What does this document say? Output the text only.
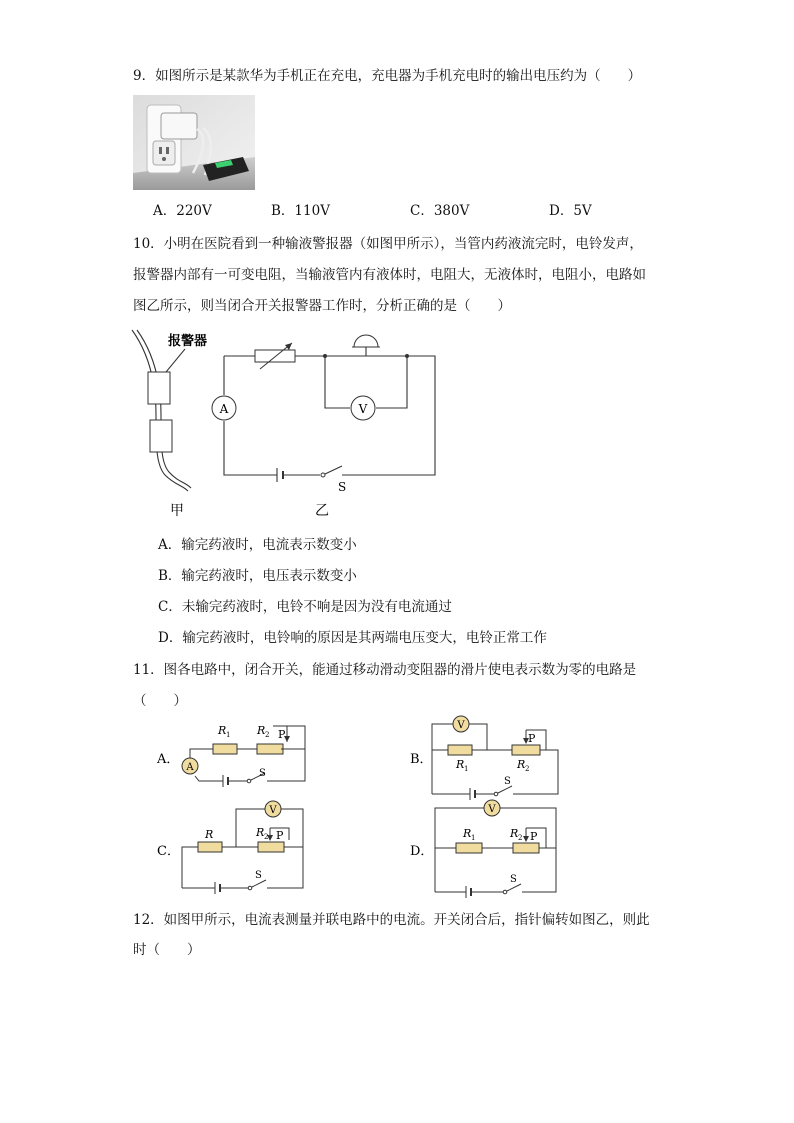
9．如图所示是某款华为手机正在充电，充电器为手机充电时的输出电压约为（　　）
A．220V	B．110V	C．380V	D．5V
10．小明在医院看到一种输液警报器（如图甲所示），当管内药液流完时，电铃发声，
报警器内部有一可变电阻，当输液管内有液体时，电阻大，无液体时，电阻小，电路如
图乙所示，则当闭合开关报警器工作时，分析正确的是（　　）
报警器
甲
A	V
S
乙
A．输完药液时，电流表示数变小
B．输完药液时，电压表示数变小
C．未输完药液时，电铃不响是因为没有电流通过
D．输完药液时，电铃响的原因是其两端电压变大，电铃正常工作
11．图各电路中，闭合开关，能通过移动滑动变阻器的滑片使电表示数为零的电路是
（　　）
A．
A
S
R 1 R 2 P
B．
V
S
R 1	R 2
P
C．
V
S
R	R 2 P
D．
V
S
R 1	R 2 P
12．如图甲所示，电流表测量并联电路中的电流。开关闭合后，指针偏转如图乙，则此
时（　　）
